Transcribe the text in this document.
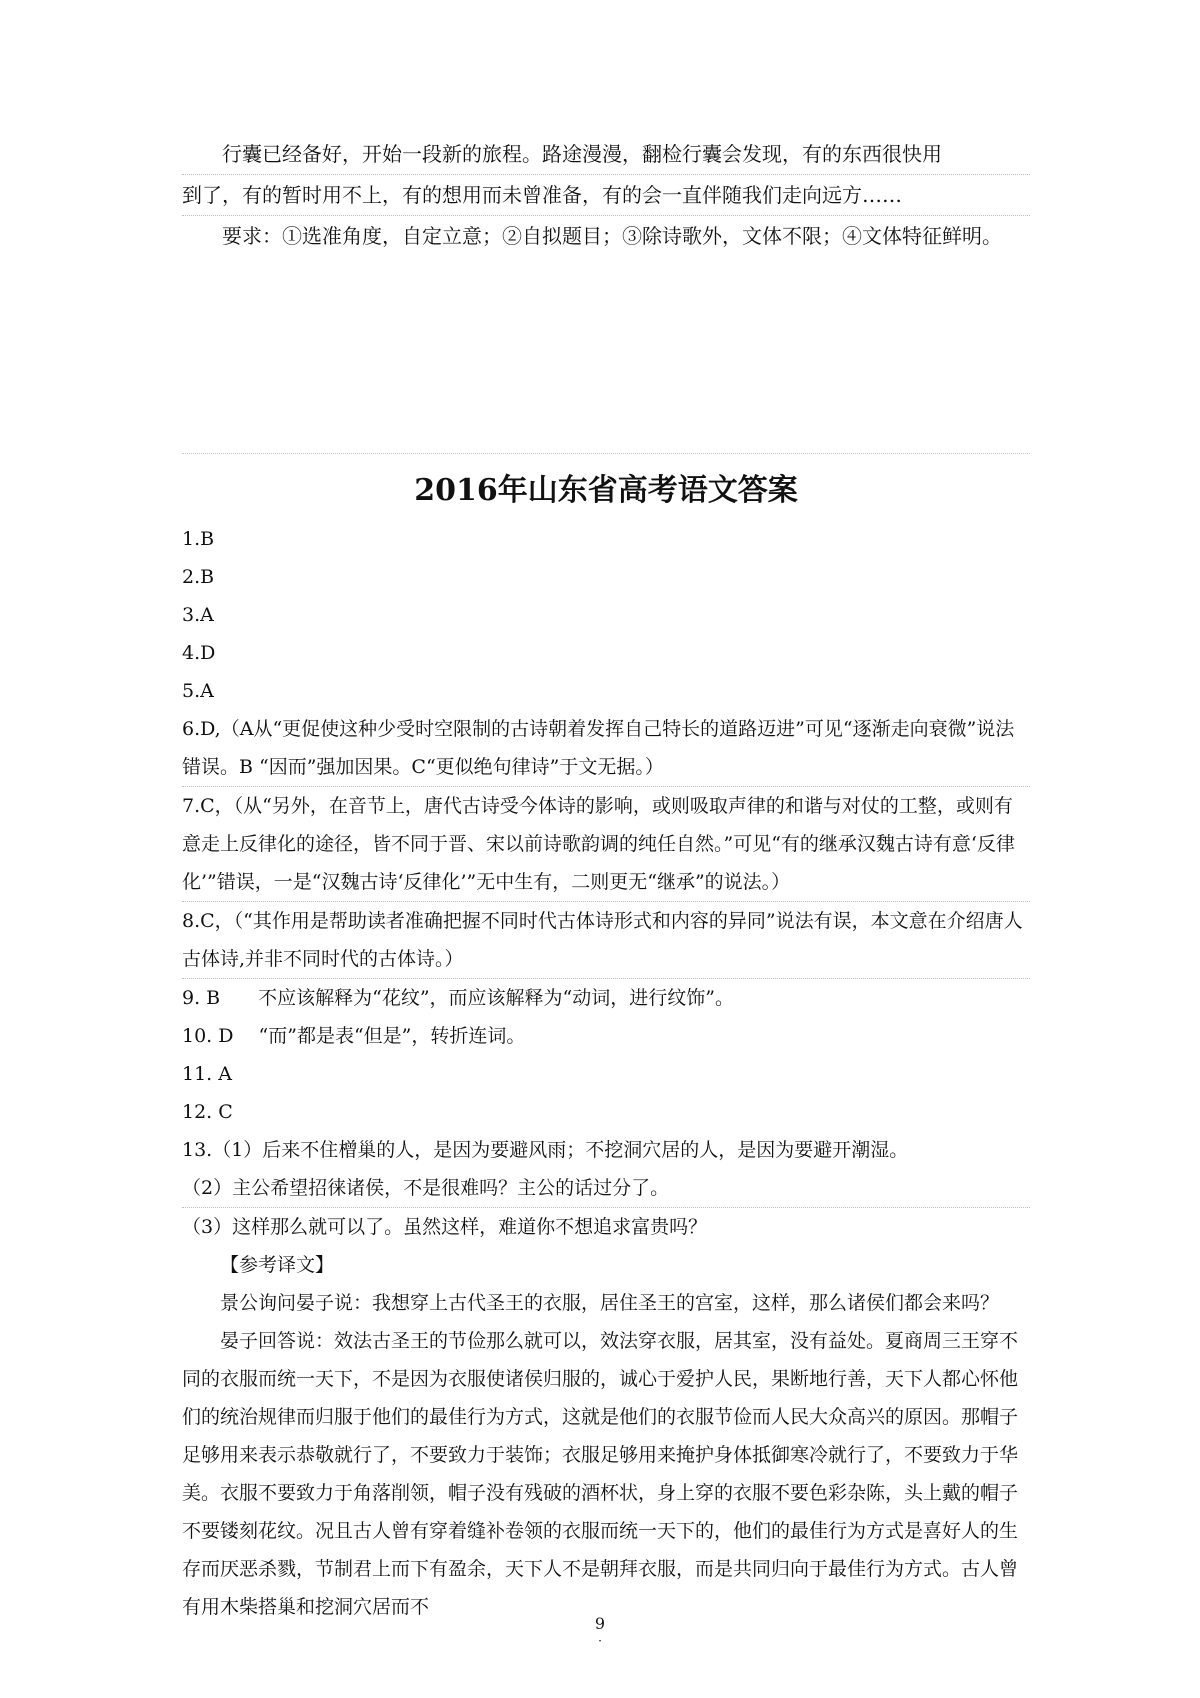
行囊已经备好，开始一段新的旅程。路途漫漫，翻检行囊会发现，有的东西很快用

到了，有的暂时用不上，有的想用而未曾准备，有的会一直伴随我们走向远方……

要求：①选准角度，自定立意；②自拟题目；③除诗歌外，文体不限；④文体特征鲜明。

2016年山东省高考语文答案

1.B

2.B

3.A

4.D

5.A

6.D,（A从“更促使这种少受时空限制的古诗朝着发挥自己特长的道路迈进”可见“逐渐走向衰微”说法错误。B “因而”强加因果。C“更似绝句律诗”于文无据。）

7.C，（从“另外，在音节上，唐代古诗受今体诗的影响，或则吸取声律的和谐与对仗的工整，或则有意走上反律化的途径，皆不同于晋、宋以前诗歌韵调的纯任自然。”可见“有的继承汉魏古诗有意‘反律化’”错误，一是“汉魏古诗‘反律化’”无中生有，二则更无“继承”的说法。）

8.C，（“其作用是帮助读者准确把握不同时代古体诗形式和内容的异同”说法有误，本文意在介绍唐人古体诗,并非不同时代的古体诗。）

9. B　　不应该解释为“花纹”，而应该解释为“动词，进行纹饰”。

10. D　 “而”都是表“但是”，转折连词。

11. A

12. C

13.（1）后来不住橧巢的人，是因为要避风雨；不挖洞穴居的人，是因为要避开潮湿。

（2）主公希望招徕诸侯，不是很难吗？主公的话过分了。

（3）这样那么就可以了。虽然这样，难道你不想追求富贵吗？

【参考译文】

景公询问晏子说：我想穿上古代圣王的衣服，居住圣王的宫室，这样，那么诸侯们都会来吗？

晏子回答说：效法古圣王的节俭那么就可以，效法穿衣服，居其室，没有益处。夏商周三王穿不同的衣服而统一天下，不是因为衣服使诸侯归服的，诚心于爱护人民，果断地行善，天下人都心怀他们的统治规律而归服于他们的最佳行为方式，这就是他们的衣服节俭而人民大众高兴的原因。那帽子足够用来表示恭敬就行了，不要致力于装饰；衣服足够用来掩护身体抵御寒冷就行了，不要致力于华美。衣服不要致力于角落削领，帽子没有残破的酒杯状，身上穿的衣服不要色彩杂陈，头上戴的帽子不要镂刻花纹。况且古人曾有穿着缝补卷领的衣服而统一天下的，他们的最佳行为方式是喜好人的生存而厌恶杀戮，节制君上而下有盈余，天下人不是朝拜衣服，而是共同归向于最佳行为方式。古人曾有用木柴搭巢和挖洞穴居而不

9
·
